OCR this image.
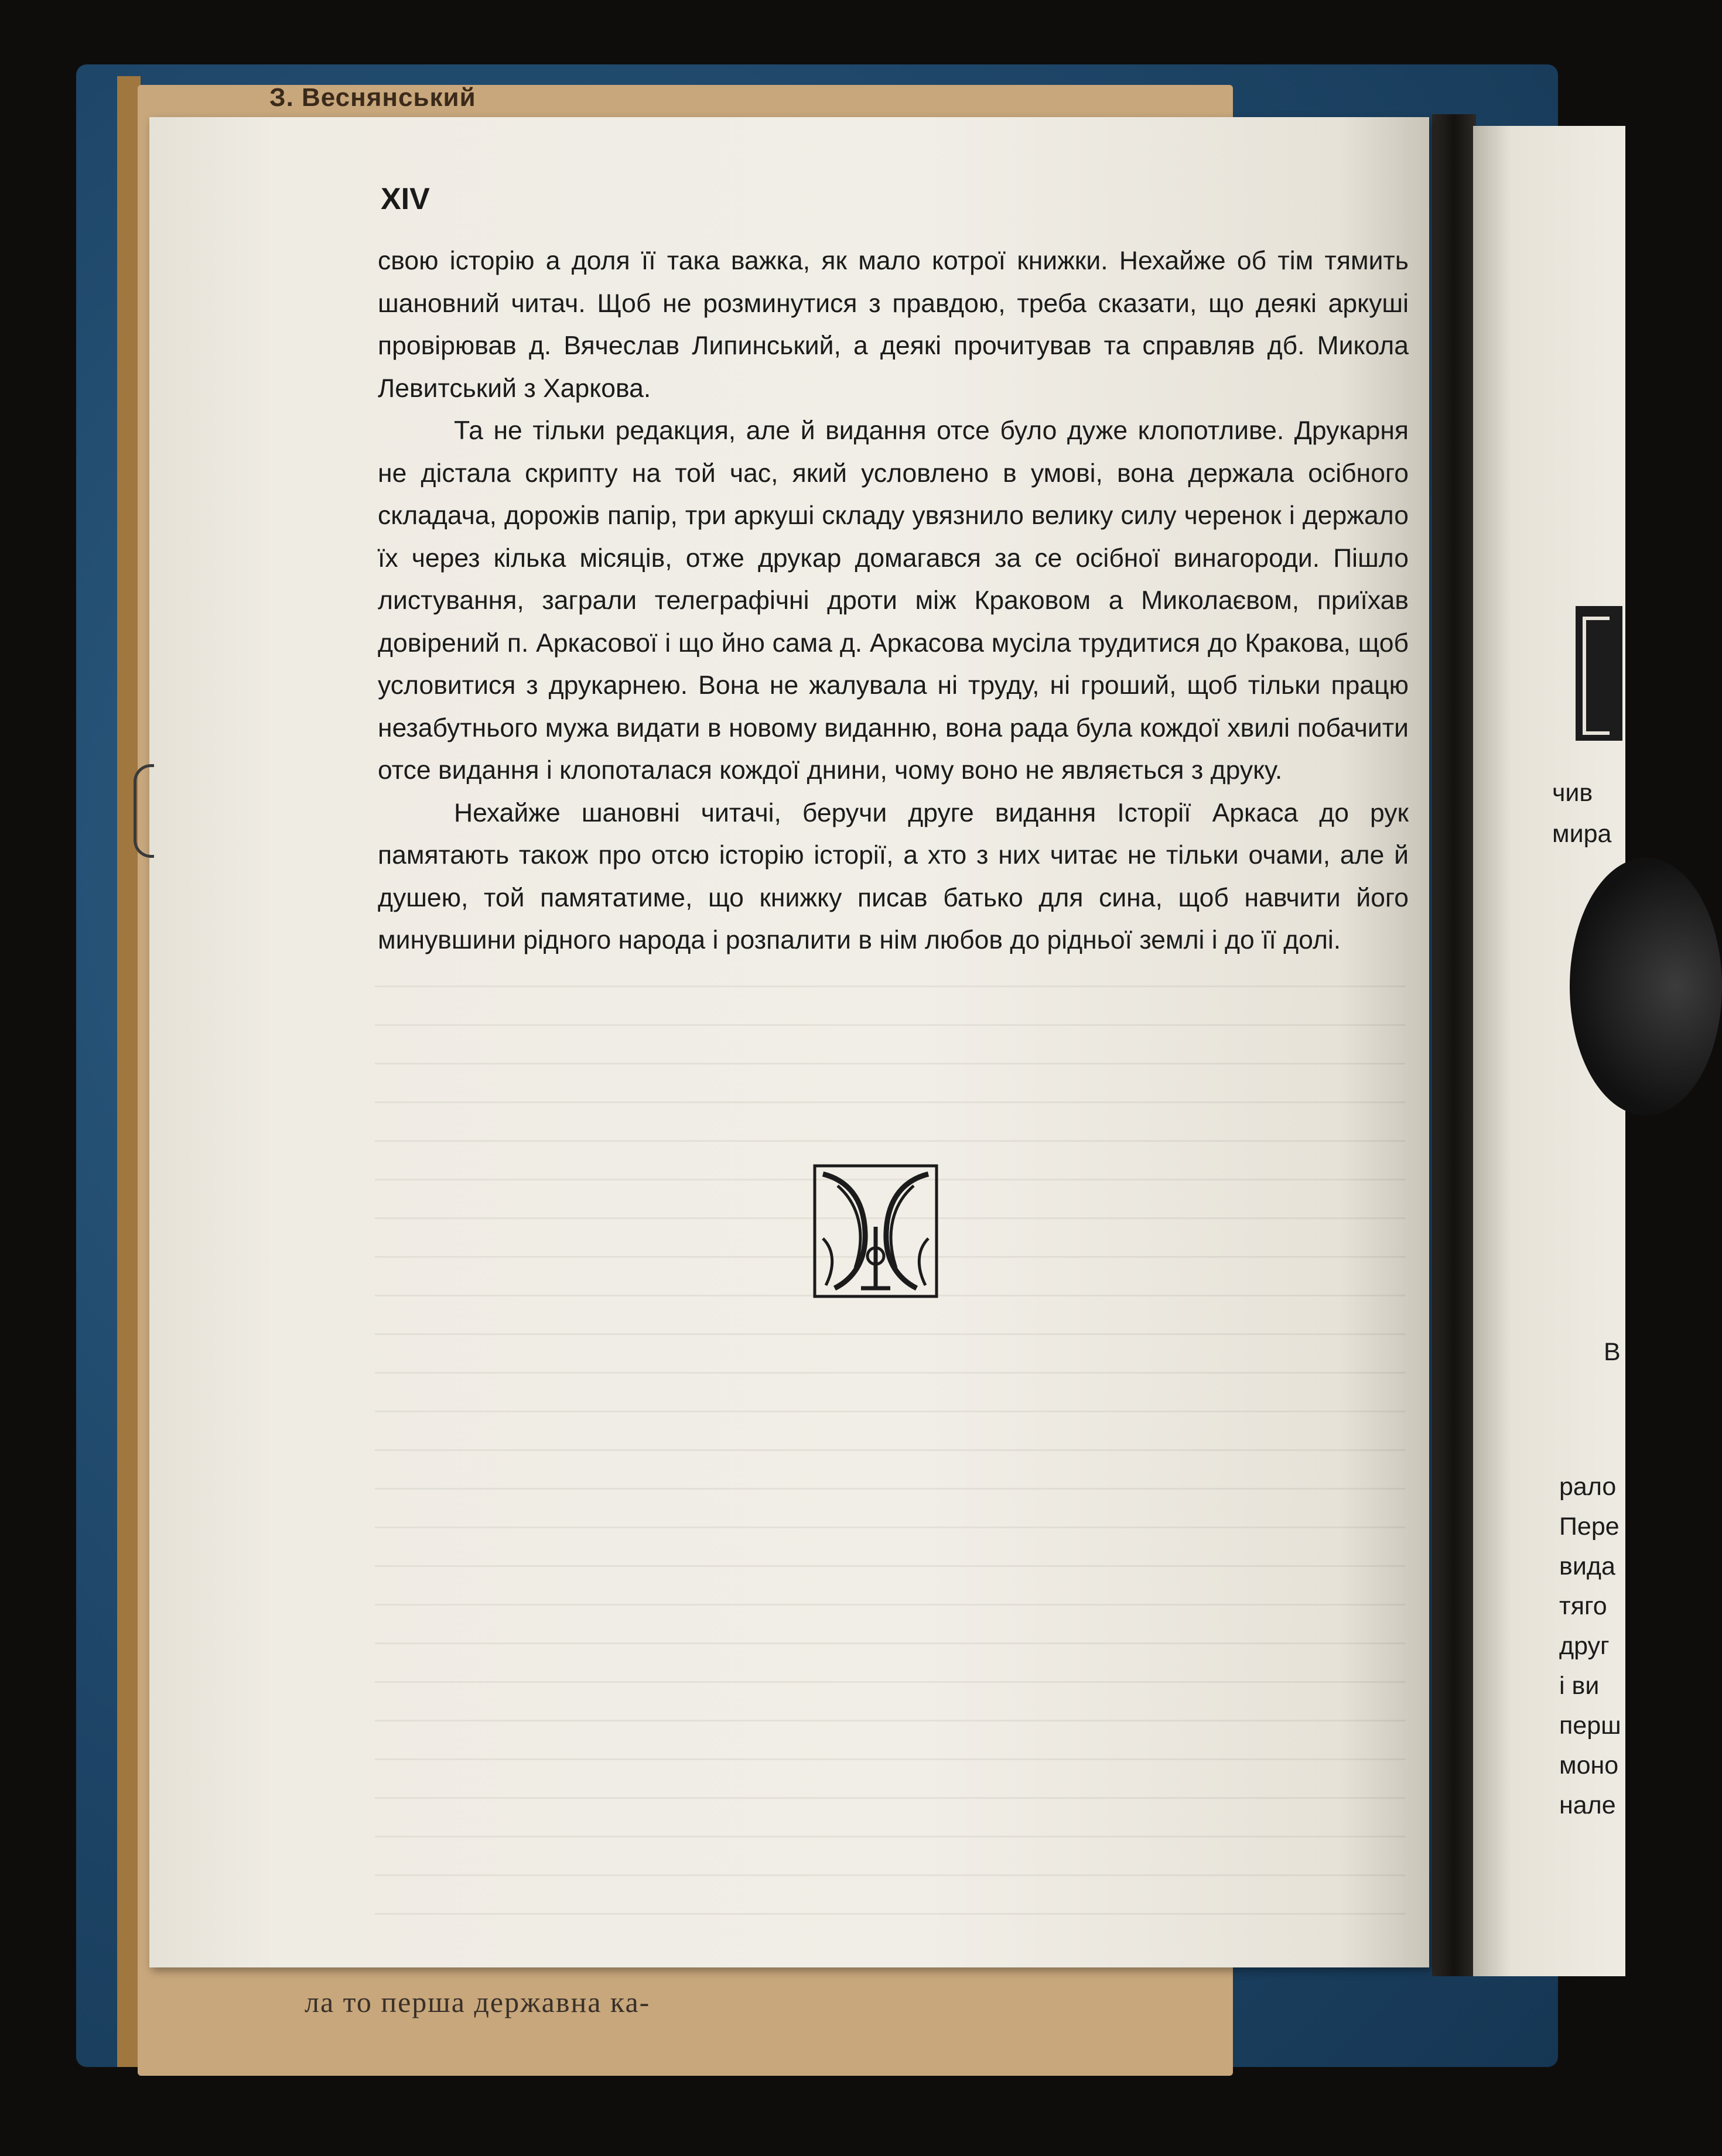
З. Веснянський
ла то перша державна ка-
XIV

свою історію а доля її така важка, як мало котрої книжки. Нехайже об тім тямить шановний читач. Щоб не розминутися з правдою, треба сказати, що деякі аркуші провірював д. Вячеслав Липинський, а деякі прочитував та справляв дб. Микола Левитський з Харкова.

Та не тільки редакция, але й видання отсе було дуже клопотливе. Друкарня не дістала скрипту на той час, який условлено в умові, вона держала осібного складача, дорожів папір, три аркуші складу увязнило велику силу черенок і держало їх через кілька місяців, отже друкар домагався за се осібної винагороди. Пішло листування, заграли телеграфічні дроти між Краковом а Миколаєвом, приїхав довірений п. Аркасової і що йно сама д. Аркасова мусіла трудитися до Кракова, щоб условитися з друкарнею. Вона не жалувала ні труду, ні гроший, щоб тільки працю незабутнього мужа видати в новому виданню, вона рада була кождої хвилі побачити отсе видання і клопоталася кождої днини, чому воно не являється з друку.

Нехайже шановні читачі, беручи друге видання Історії Аркаса до рук памятають також про отсю історію історії, а хто з них читає не тільки очами, але й душею, той памятатиме, що книжку писав батько для сина, щоб навчити його минувшини рідного народа і розпалити в нім любов до рідньої землі і до її долі.

чив
мира
В
рало
Пере
вида
тяго
друг
і ви
перш
моно
нале
